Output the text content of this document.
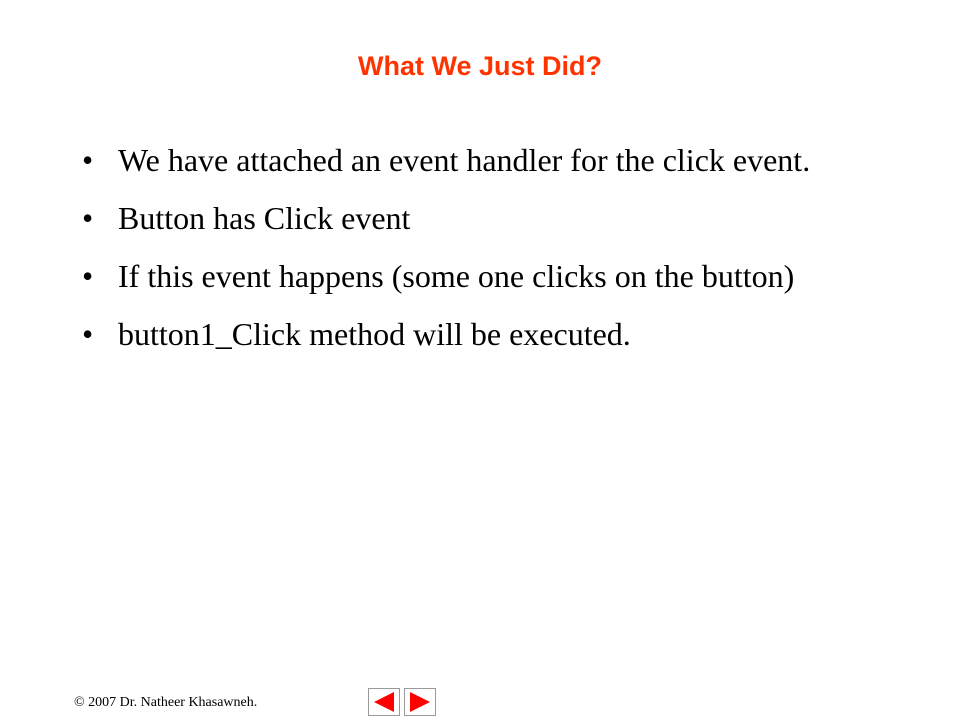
What We Just Did?
• We have attached an event handler for the click event.
• Button has Click event
• If this event happens (some one clicks on the button)
• button1_Click method will be executed.
© 2007 Dr. Natheer Khasawneh.
